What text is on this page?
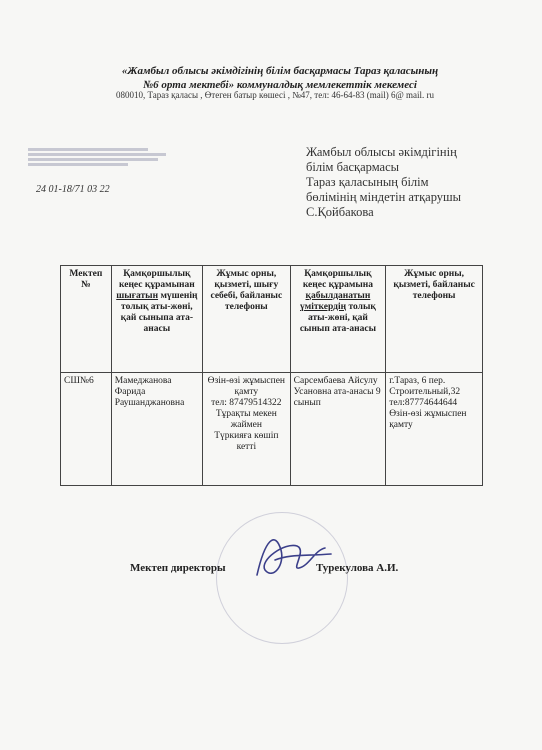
«Жамбыл облысы әкімдігінің білім басқармасы Тараз қаласының
№6 орта мектебі» коммуналдық мемлекеттік мекемесі
080010, Тараз қаласы , Өтеген батыр көшесі , №47, тел: 46-64-83 (mail) 6@ mail. ru
24 01-18/71 03 22
Жамбыл облысы әкімдігінің
білім басқармасы
Тараз қаласының білім
бөлімінің міндетін атқарушы
С.Қойбакова
Мектеп №	Қамқоршылық кеңес құрамынан шығатын мүшенің толық аты-жөні, қай сыныпа ата-анасы	Жұмыс орны, қызметі, шығу себебі, байланыс телефоны	Қамқоршылық кеңес құрамына қабылданатын үміткердің толық аты-жөні, қай сынып ата-анасы	Жұмыс орны, қызметі, байланыс телефоны
СШ№6	Мамеджанова Фарида Раушанджановна	Өзін-өзі жұмыспен қамту
тел: 87479514322
Тұрақты мекен жаймен
Түркияға көшіп кетті	Сарсембаева Айсулу Усановна ата-анасы 9 сынып	г.Тараз, 6 пер. Строительный,32
тел:87774644644
Өзін-өзі жұмыспен қамту
Мектеп директоры	Турекулова А.И.
